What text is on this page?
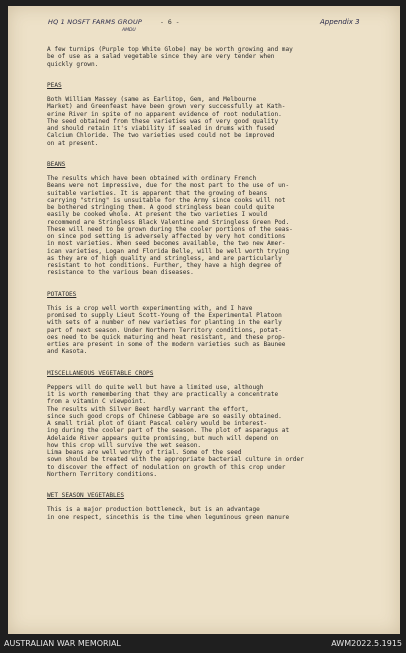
HQ 1 NOSFT FARMS GROUP
AMDU
- 6 -	Appendix 3

A few turnips (Purple top White Globe) may be worth growing and may
be of use as a salad vegetable since they are very tender when
quickly grown.

PEAS

Both William Massey (same as Earlitop, Gem, and Melbourne
Market) and Greenfeast have been grown very successfully at Kath-
erine River in spite of no apparent evidence of root nodulation.
The seed obtained from these varieties was of very good quality
and should retain it's viability if sealed in drums with fused
Calcium Chloride. The two varieties used could not be improved
on at present.

BEANS

The results which have been obtained with ordinary French
Beans were not impressive, due for the most part to the use of un-
suitable varieties. It is apparent that the growing of beans
carrying "string" is unsuitable for the Army since cooks will not
be bothered stringing them. A good stringless bean could quite
easily be cooked whole. At present the two varieties I would
recommend are Stringless Black Valentine and Stringless Green Pod.
These will need to be grown during the cooler portions of the seas-
on since pod setting is adversely affected by very hot conditions
in most varieties. When seed becomes available, the two new Amer-
ican varieties, Logan and Florida Belle, will be well worth trying
as they are of high quality and stringless, and are particularly
resistant to hot conditions. Further, they have a high degree of
resistance to the various bean diseases.

POTATOES

This is a crop well worth experimenting with, and I have
promised to supply Lieut Scott-Young of the Experimental Platoon
with sets of a number of new varieties for planting in the early
part of next season. Under Northern Territory conditions, potat-
oes need to be quick maturing and heat resistant, and these prop-
erties are present in some of the modern varieties such as Baunee
and Kasota.

MISCELLANEOUS VEGETABLE CROPS

Peppers will do quite well but have a limited use, although
it is worth remembering that they are practically a concentrate
from a vitamin C viewpoint.

The results with Silver Beet hardly warrant the effort,
since such good crops of Chinese Cabbage are so easily obtained.

A small trial plot of Giant Pascal celery would be interest-
ing during the cooler part of the season. The plot of asparagus at
Adelaide River appears quite promising, but much will depend on
how this crop will survive the wet season.

Lima beans are well worthy of trial. Some of the seed
sown should be treated with the appropriate bacterial culture in order
to discover the effect of nodulation on growth of this crop under
Northern Territory conditions.

WET SEASON VEGETABLES

This is a major production bottleneck, but is an advantage
in one respect, sincethis is the time when leguminous green manure

AUSTRALIAN WAR MEMORIAL	AWM2022.5.1915
